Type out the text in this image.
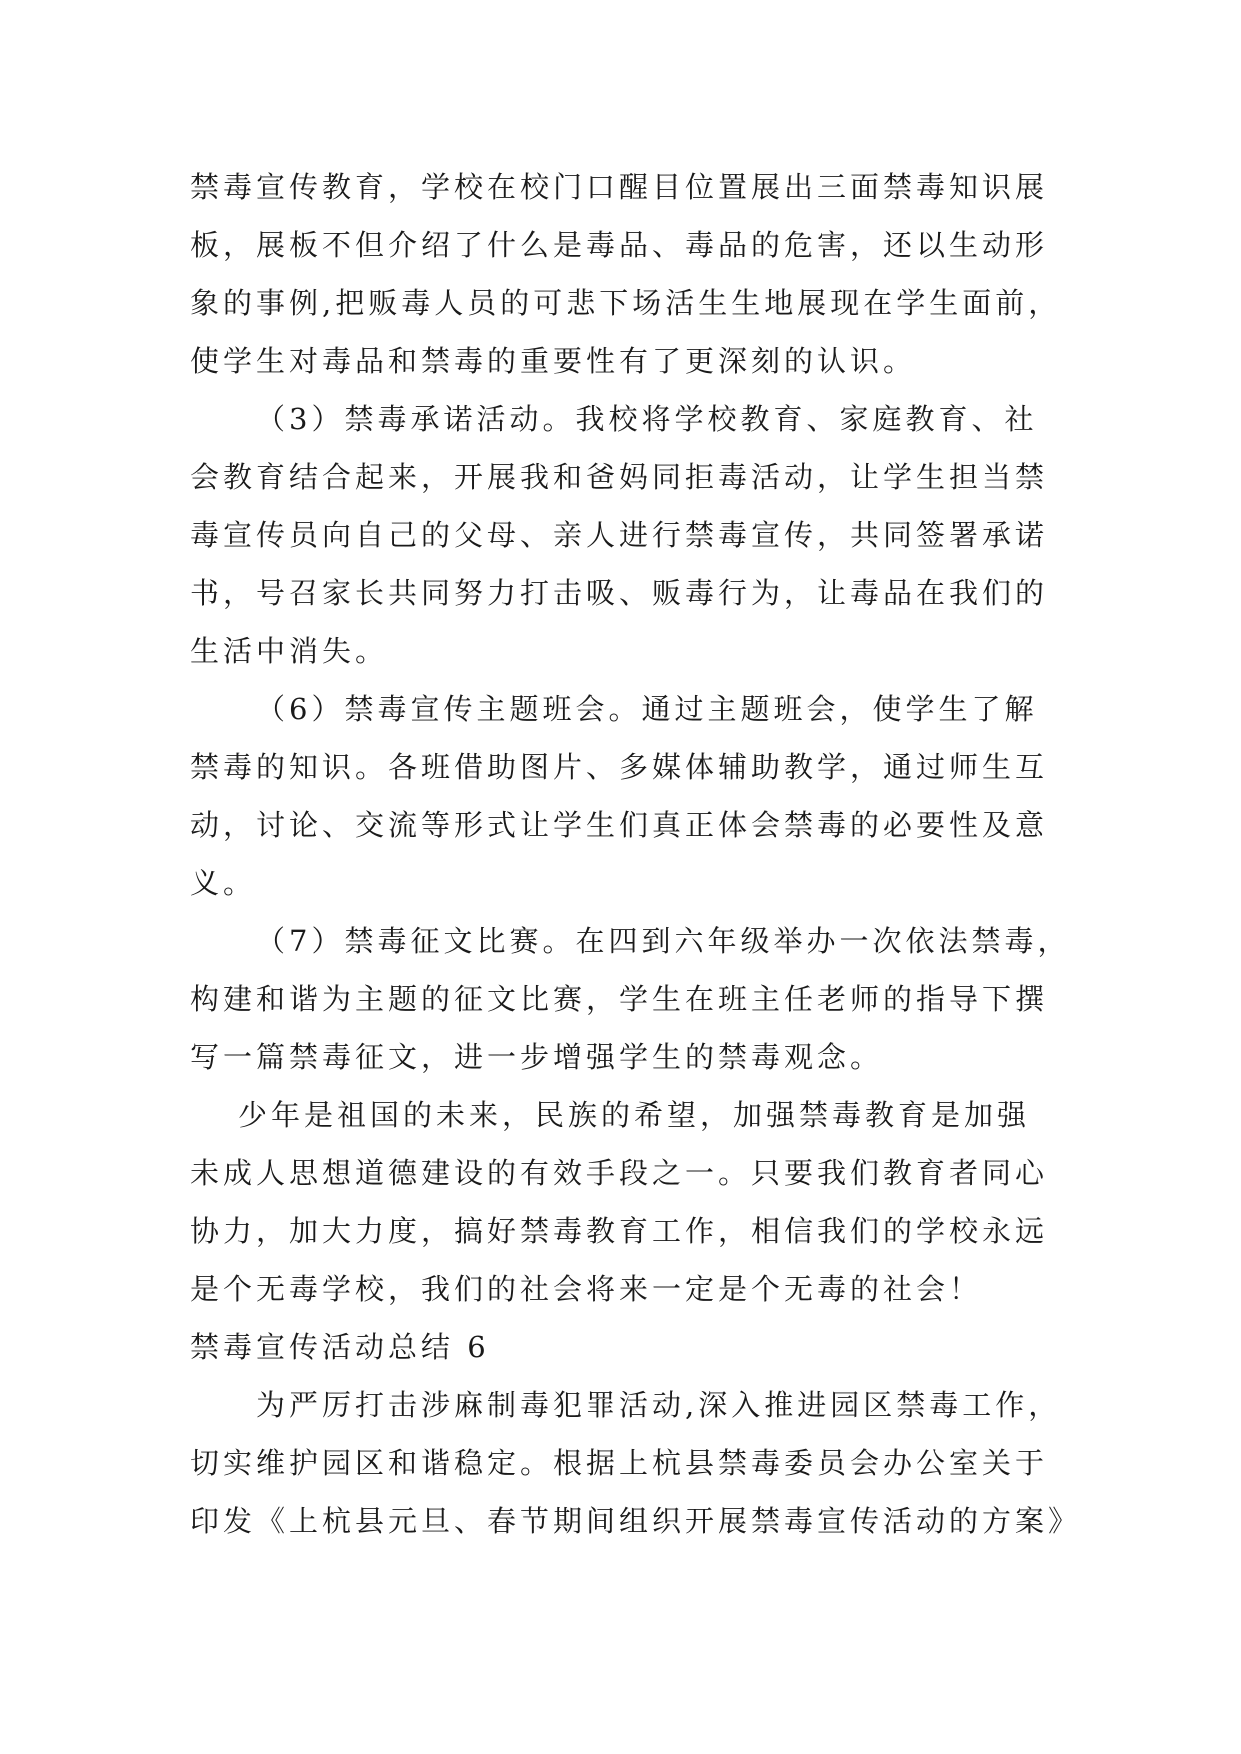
禁毒宣传教育，学校在校门口醒目位置展出三面禁毒知识展

板，展板不但介绍了什么是毒品、毒品的危害，还以生动形

象的事例,把贩毒人员的可悲下场活生生地展现在学生面前，

使学生对毒品和禁毒的重要性有了更深刻的认识。

（3）禁毒承诺活动。我校将学校教育、家庭教育、社

会教育结合起来，开展我和爸妈同拒毒活动，让学生担当禁

毒宣传员向自己的父母、亲人进行禁毒宣传，共同签署承诺

书，号召家长共同努力打击吸、贩毒行为，让毒品在我们的

生活中消失。

（6）禁毒宣传主题班会。通过主题班会，使学生了解

禁毒的知识。各班借助图片、多媒体辅助教学，通过师生互

动，讨论、交流等形式让学生们真正体会禁毒的必要性及意

义。

（7）禁毒征文比赛。在四到六年级举办一次依法禁毒，

构建和谐为主题的征文比赛，学生在班主任老师的指导下撰

写一篇禁毒征文，进一步增强学生的禁毒观念。

少年是祖国的未来，民族的希望，加强禁毒教育是加强

未成人思想道德建设的有效手段之一。只要我们教育者同心

协力，加大力度，搞好禁毒教育工作，相信我们的学校永远

是个无毒学校，我们的社会将来一定是个无毒的社会！

禁毒宣传活动总结 6

为严厉打击涉麻制毒犯罪活动,深入推进园区禁毒工作，

切实维护园区和谐稳定。根据上杭县禁毒委员会办公室关于

印发《上杭县元旦、春节期间组织开展禁毒宣传活动的方案》
